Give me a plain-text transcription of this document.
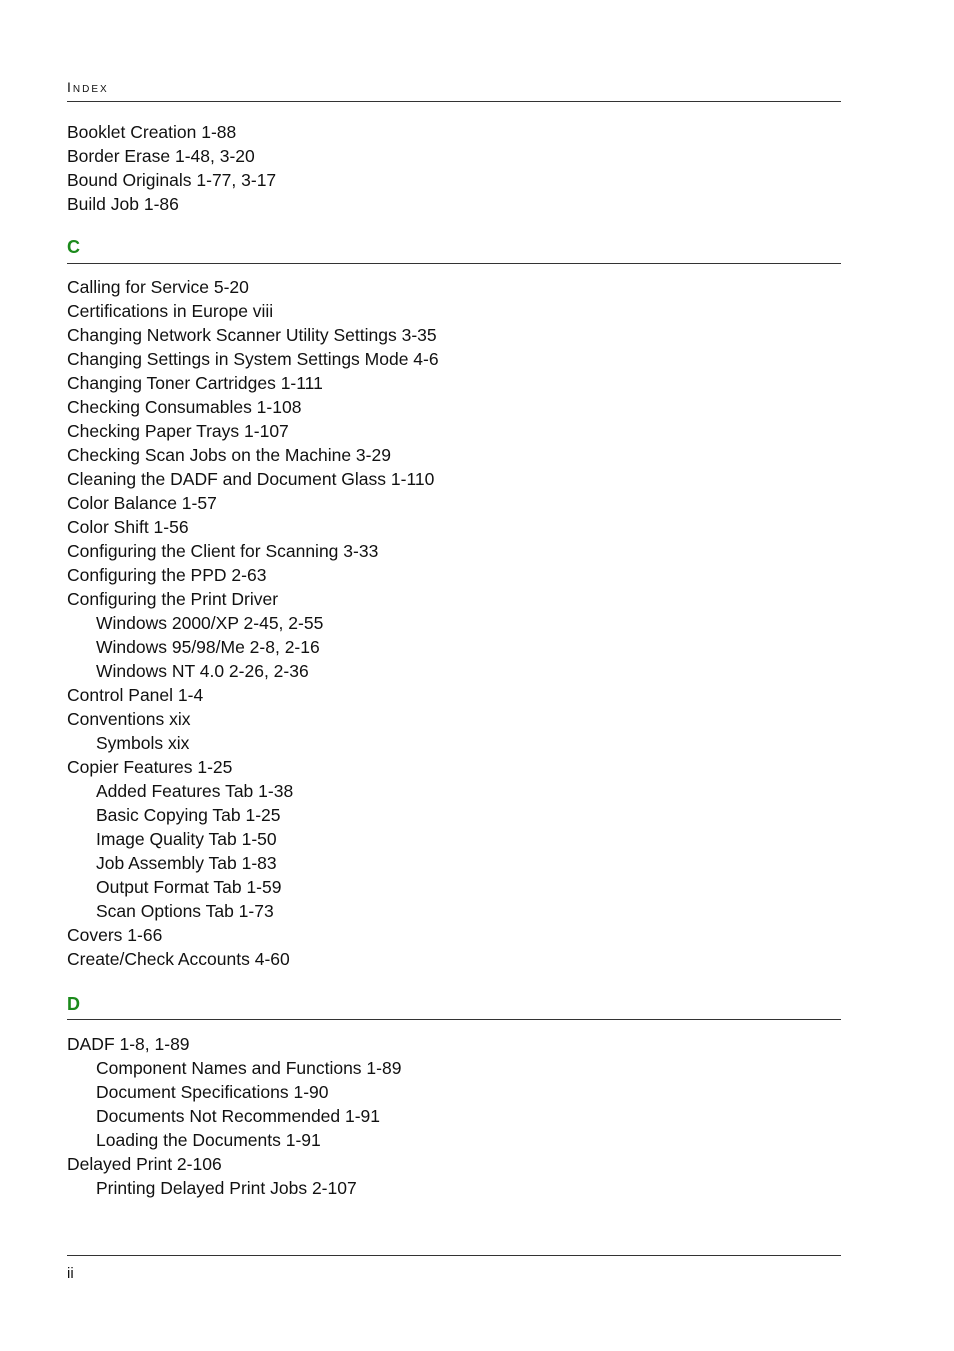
Index
Booklet Creation 1-88
Border Erase 1-48, 3-20
Bound Originals 1-77, 3-17
Build Job 1-86
C
Calling for Service 5-20
Certifications in Europe viii
Changing Network Scanner Utility Settings 3-35
Changing Settings in System Settings Mode 4-6
Changing Toner Cartridges 1-111
Checking Consumables 1-108
Checking Paper Trays 1-107
Checking Scan Jobs on the Machine 3-29
Cleaning the DADF and Document Glass 1-110
Color Balance 1-57
Color Shift 1-56
Configuring the Client for Scanning 3-33
Configuring the PPD 2-63
Configuring the Print Driver
Windows 2000/XP 2-45, 2-55
Windows 95/98/Me 2-8, 2-16
Windows NT 4.0 2-26, 2-36
Control Panel 1-4
Conventions xix
Symbols xix
Copier Features 1-25
Added Features Tab 1-38
Basic Copying Tab 1-25
Image Quality Tab 1-50
Job Assembly Tab 1-83
Output Format Tab 1-59
Scan Options Tab 1-73
Covers 1-66
Create/Check Accounts 4-60
D
DADF 1-8, 1-89
Component Names and Functions 1-89
Document Specifications 1-90
Documents Not Recommended 1-91
Loading the Documents 1-91
Delayed Print 2-106
Printing Delayed Print Jobs 2-107
ii
